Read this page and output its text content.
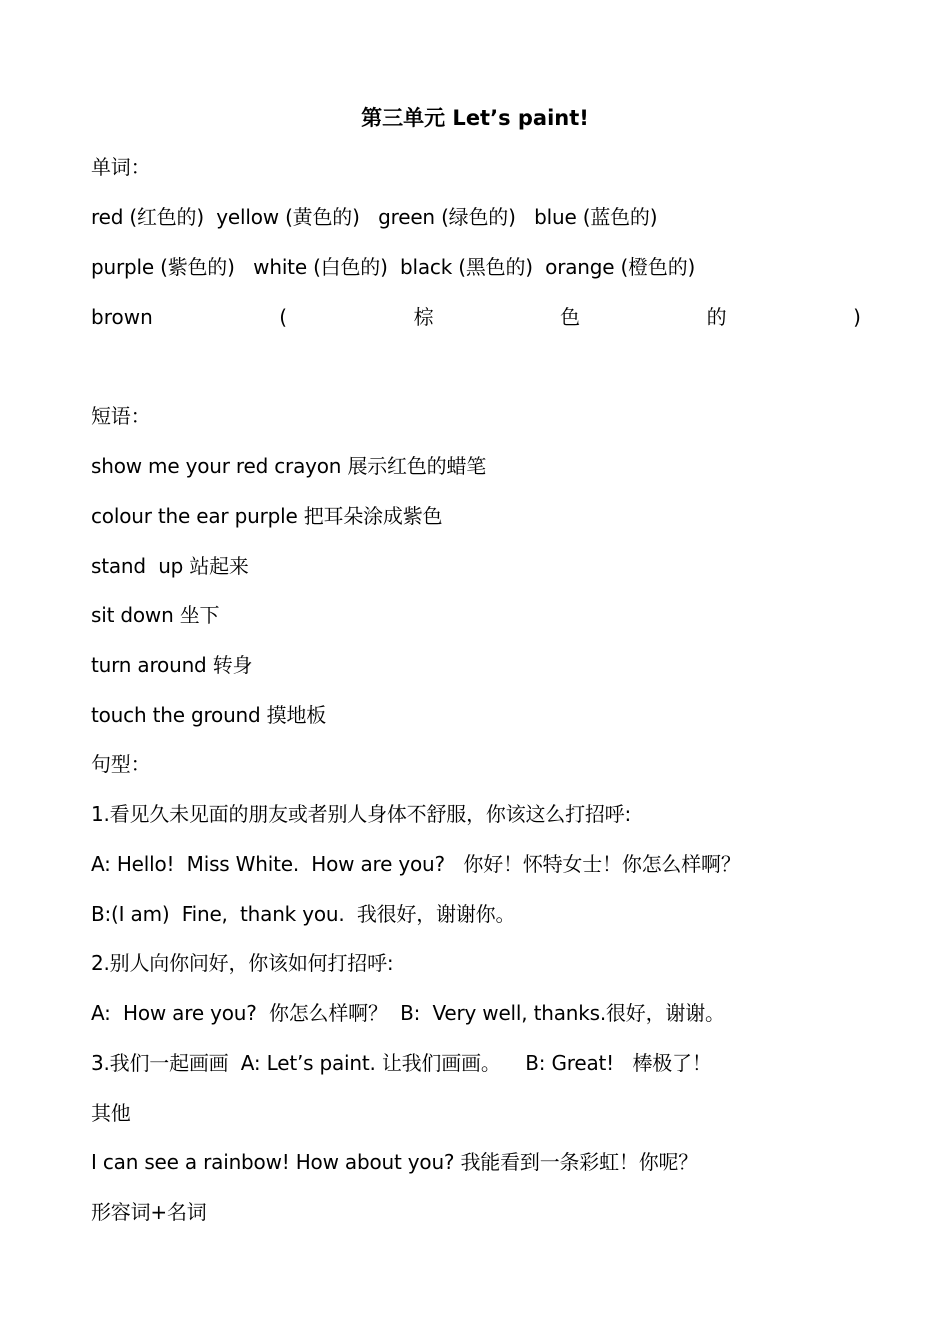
第三单元 Let’s paint!
单词：
red (红色的)  yellow (黄色的)   green (绿色的)   blue (蓝色的)
purple (紫色的)   white (白色的)  black (黑色的)  orange (橙色的)
brown	(	棕	色	的	)
短语：
show me your red crayon 展示红色的蜡笔
colour the ear purple 把耳朵涂成紫色
stand  up 站起来
sit down 坐下
turn around 转身
touch the ground 摸地板
句型：
1.看见久未见面的朋友或者别人身体不舒服，你该这么打招呼:
A: Hello!  Miss White.  How are you?   你好！怀特女士！你怎么样啊？
B:(I am)  Fine,  thank you.  我很好，谢谢你。
2.别人向你问好，你该如何打招呼:
A:  How are you?  你怎么样啊？  B:  Very well, thanks.很好，谢谢。
3.我们一起画画  A: Let’s paint. 让我们画画。    B: Great!   棒极了！
其他
I can see a rainbow! How about you? 我能看到一条彩虹！你呢？
形容词+名词
